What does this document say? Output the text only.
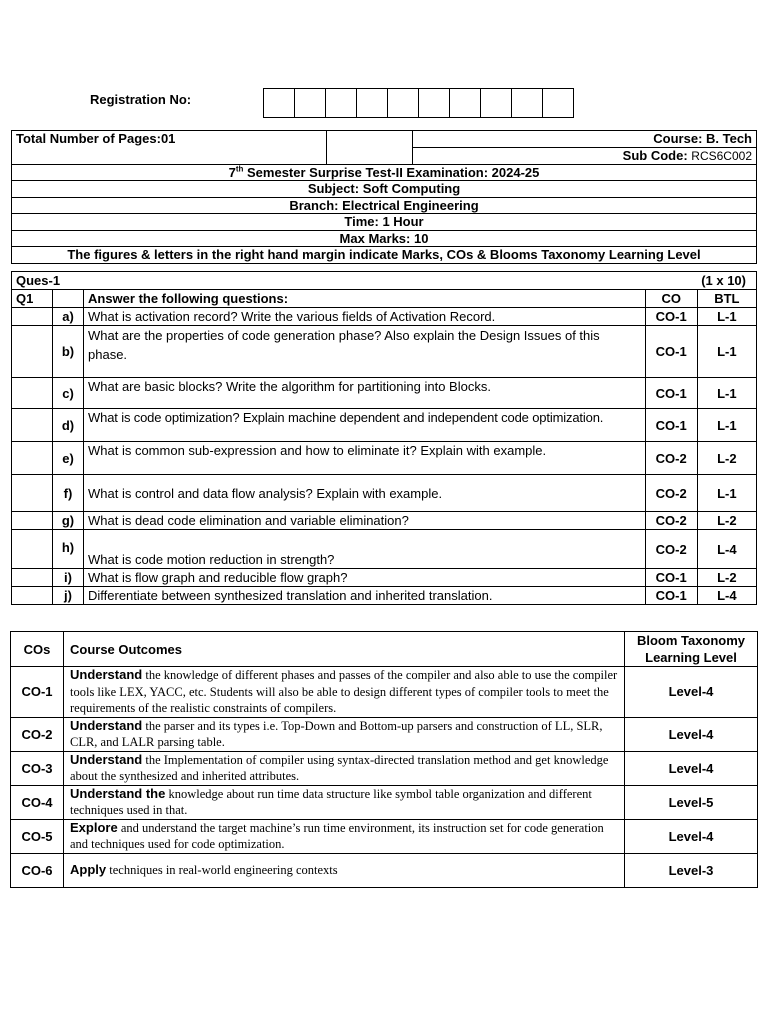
Registration No:
Total Number of Pages:01		Course: B. Tech
Sub Code: RCS6C002
7th Semester Surprise Test-II Examination: 2024-25
Subject: Soft Computing
Branch: Electrical Engineering
Time: 1 Hour
Max Marks: 10
The figures & letters in the right hand margin indicate Marks, COs & Blooms Taxonomy Learning Level
Ques-1				(1 x 10)
Q1		Answer the following questions:	CO	BTL
	a)	What is activation record? Write the various fields of Activation Record.	CO-1	L-1
	b)	What are the properties of code generation phase? Also explain the Design Issues of this phase.	CO-1	L-1
	c)	What are basic blocks? Write the algorithm for partitioning into Blocks.	CO-1	L-1
	d)	What is code optimization? Explain machine dependent and independent code optimization.	CO-1	L-1
	e)	What is common sub-expression and how to eliminate it? Explain with example.	CO-2	L-2
	f)	What is control and data flow analysis? Explain with example.	CO-2	L-1
	g)	What is dead code elimination and variable elimination?	CO-2	L-2
	h)	What is code motion reduction in strength?	CO-2	L-4
	i)	What is flow graph and reducible flow graph?	CO-1	L-2
	j)	Differentiate between synthesized translation and inherited translation.	CO-1	L-4
COs	Course Outcomes	Bloom Taxonomy
Learning Level
CO-1	Understand the knowledge of different phases and passes of the compiler and also able to use the compiler tools like LEX, YACC, etc. Students will also be able to design different types of compiler tools to meet the requirements of the realistic constraints of compilers.	Level-4
CO-2	Understand the parser and its types i.e. Top-Down and Bottom-up parsers and construction of LL, SLR, CLR, and LALR parsing table.	Level-4
CO-3	Understand the Implementation of compiler using syntax-directed translation method and get knowledge about the synthesized and inherited attributes.	Level-4
CO-4	Understand the knowledge about run time data structure like symbol table organization and different techniques used in that.	Level-5
CO-5	Explore and understand the target machine’s run time environment, its instruction set for code generation and techniques used for code optimization.	Level-4
CO-6	Apply techniques in real-world engineering contexts	Level-3
